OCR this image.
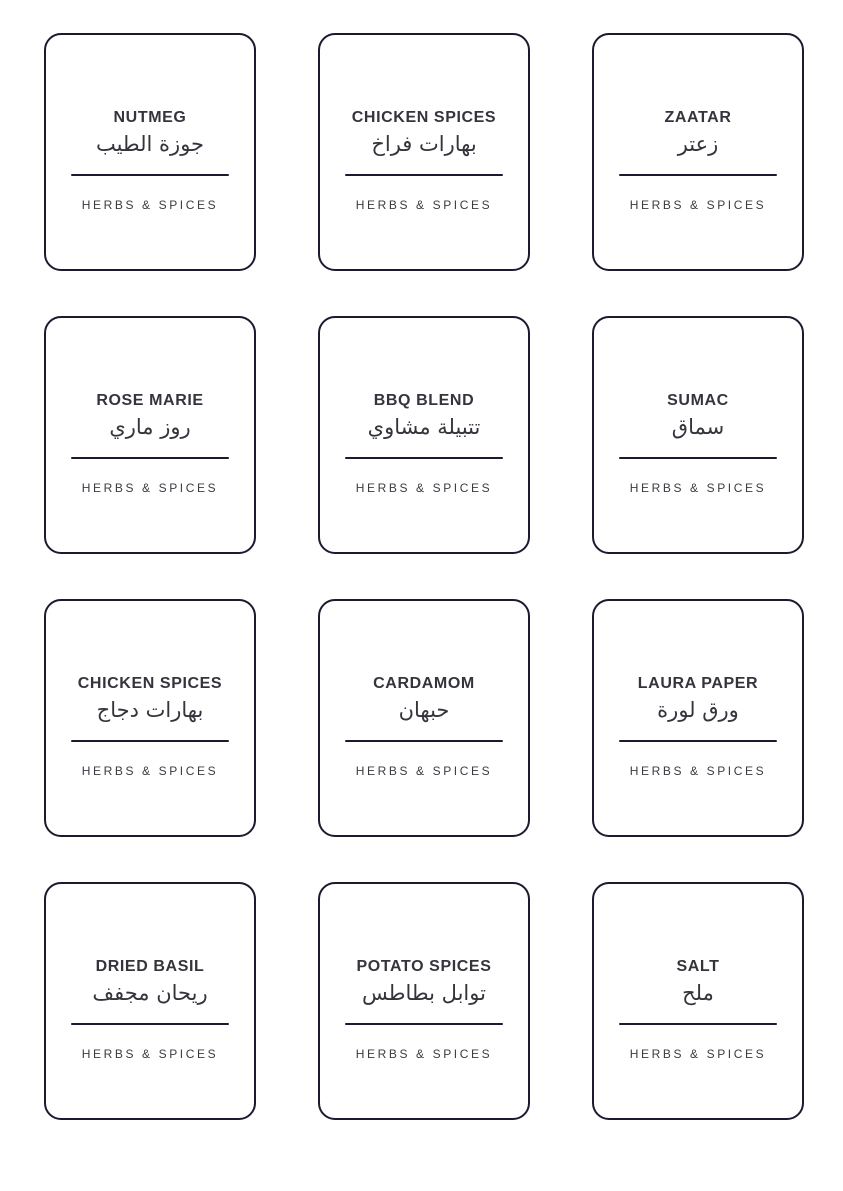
NUTMEG
جوزة الطيب
HERBS & SPICES
CHICKEN SPICES
بهارات فراخ
HERBS & SPICES
ZAATAR
زعتر
HERBS & SPICES
ROSE MARIE
روز ماري
HERBS & SPICES
BBQ BLEND
تتبيلة مشاوي
HERBS & SPICES
SUMAC
سماق
HERBS & SPICES
CHICKEN SPICES
بهارات دجاج
HERBS & SPICES
CARDAMOM
حبهان
HERBS & SPICES
LAURA PAPER
ورق لورة
HERBS & SPICES
DRIED BASIL
ريحان مجفف
HERBS & SPICES
POTATO SPICES
توابل بطاطس
HERBS & SPICES
SALT
ملح
HERBS & SPICES
